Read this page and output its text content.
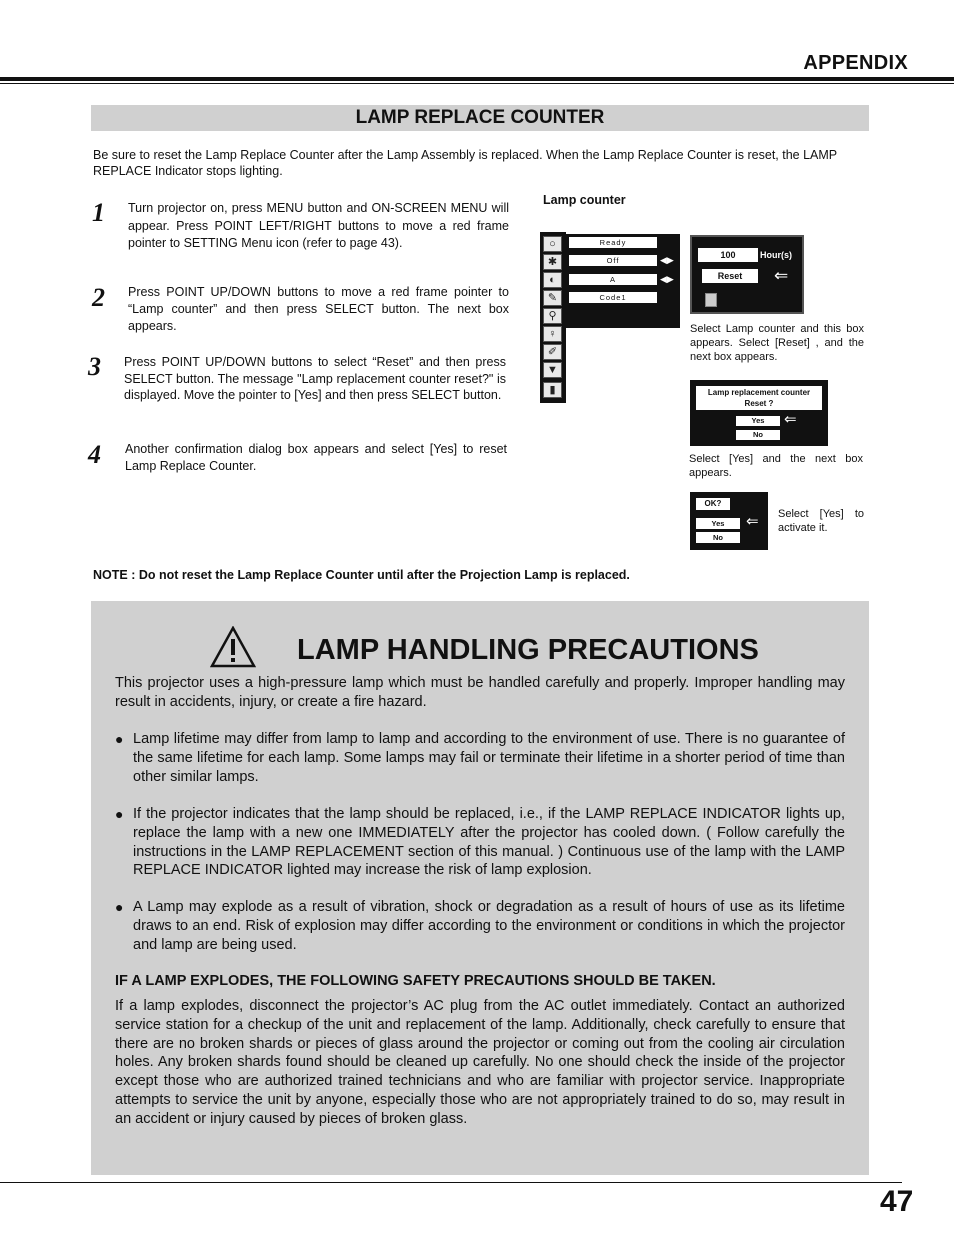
APPENDIX
LAMP REPLACE COUNTER
Be sure to reset the Lamp Replace Counter after the Lamp Assembly is replaced. When the Lamp Replace Counter is reset, the LAMP REPLACE Indicator stops lighting.
1 Turn projector on, press MENU button and ON-SCREEN MENU will appear. Press POINT LEFT/RIGHT buttons to move a red frame pointer to SETTING Menu icon (refer to page 43).
2 Press POINT UP/DOWN buttons to move a red frame pointer to “Lamp counter” and then press SELECT button. The next box appears.
3 Press POINT UP/DOWN buttons to select “Reset” and then press SELECT button. The message "Lamp replacement counter reset?" is displayed. Move the pointer to [Yes] and then press SELECT button.
4 Another confirmation dialog box appears and select [Yes] to reset Lamp Replace Counter.
Lamp counter
○
✱
◐
✎
⚲
♀
✐
▼
▮
Ready
Off	◀▶
A	◀▶
Code1
100	Hour(s)
Reset	⇐
Select Lamp counter and this box appears. Select [Reset] , and the next box appears.
Lamp replacement counter
Reset ?
Yes	⇐
No
Select [Yes] and the next box appears.
OK?
Yes	⇐
No
Select [Yes] to activate it.
NOTE : Do not reset the Lamp Replace Counter until after the Projection Lamp is replaced.
LAMP HANDLING PRECAUTIONS
This projector uses a high-pressure lamp which must be handled carefully and properly. Improper handling may result in accidents, injury, or create a fire hazard.
● Lamp lifetime may differ from lamp to lamp and according to the environment of use. There is no guarantee of the same lifetime for each lamp. Some lamps may fail or terminate their lifetime in a shorter period of time than other similar lamps.
● If the projector indicates that the lamp should be replaced, i.e., if the LAMP REPLACE INDICATOR lights up, replace the lamp with a new one IMMEDIATELY after the projector has cooled down. ( Follow carefully the instructions in the LAMP REPLACEMENT section of this manual. ) Continuous use of the lamp with the LAMP REPLACE INDICATOR lighted may increase the risk of lamp explosion.
● A Lamp may explode as a result of vibration, shock or degradation as a result of hours of use as its lifetime draws to an end. Risk of explosion may differ according to the environment or conditions in which the projector and lamp are being used.
IF A LAMP EXPLODES, THE FOLLOWING SAFETY PRECAUTIONS SHOULD BE TAKEN.
If a lamp explodes, disconnect the projector’s AC plug from the AC outlet immediately. Contact an authorized service station for a checkup of the unit and replacement of the lamp. Additionally, check carefully to ensure that there are no broken shards or pieces of glass around the projector or coming out from the cooling air circulation holes. Any broken shards found should be cleaned up carefully. No one should check the inside of the projector except those who are authorized trained technicians and who are familiar with projector service. Inappropriate attempts to service the unit by anyone, especially those who are not appropriately trained to do so, may result in an accident or injury caused by pieces of broken glass.
47
